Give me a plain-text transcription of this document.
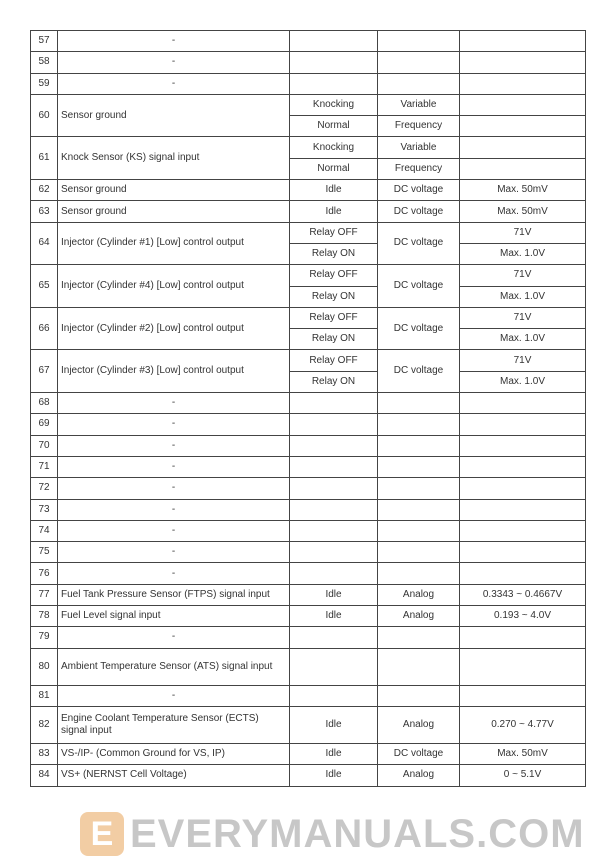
57	-			
58	-			
59	-			
60	Sensor ground	Knocking	Variable	
		Normal	Frequency	
61	Knock Sensor (KS) signal input	Knocking	Variable	
		Normal	Frequency	
62	Sensor ground	Idle	DC voltage	Max. 50mV
63	Sensor ground	Idle	DC voltage	Max. 50mV
64	Injector (Cylinder #1) [Low] control output	Relay OFF	DC voltage	71V
		Relay ON		Max. 1.0V
65	Injector (Cylinder #4) [Low] control output	Relay OFF	DC voltage	71V
		Relay ON		Max. 1.0V
66	Injector (Cylinder #2) [Low] control output	Relay OFF	DC voltage	71V
		Relay ON		Max. 1.0V
67	Injector (Cylinder #3) [Low] control output	Relay OFF	DC voltage	71V
		Relay ON		Max. 1.0V
68	-			
69	-			
70	-			
71	-			
72	-			
73	-			
74	-			
75	-			
76	-			
77	Fuel Tank Pressure Sensor (FTPS) signal input	Idle	Analog	0.3343 ~ 0.4667V
78	Fuel Level signal input	Idle	Analog	0.193 ~ 4.0V
79	-			
80	Ambient Temperature Sensor (ATS) signal input			
81	-			
82	Engine Coolant Temperature Sensor (ECTS) signal input	Idle	Analog	0.270 ~ 4.77V
83	VS-/IP- (Common Ground for VS, IP)	Idle	DC voltage	Max. 50mV
84	VS+ (NERNST Cell Voltage)	Idle	Analog	0 ~ 5.1V
E EVERYMANUALS.COM
